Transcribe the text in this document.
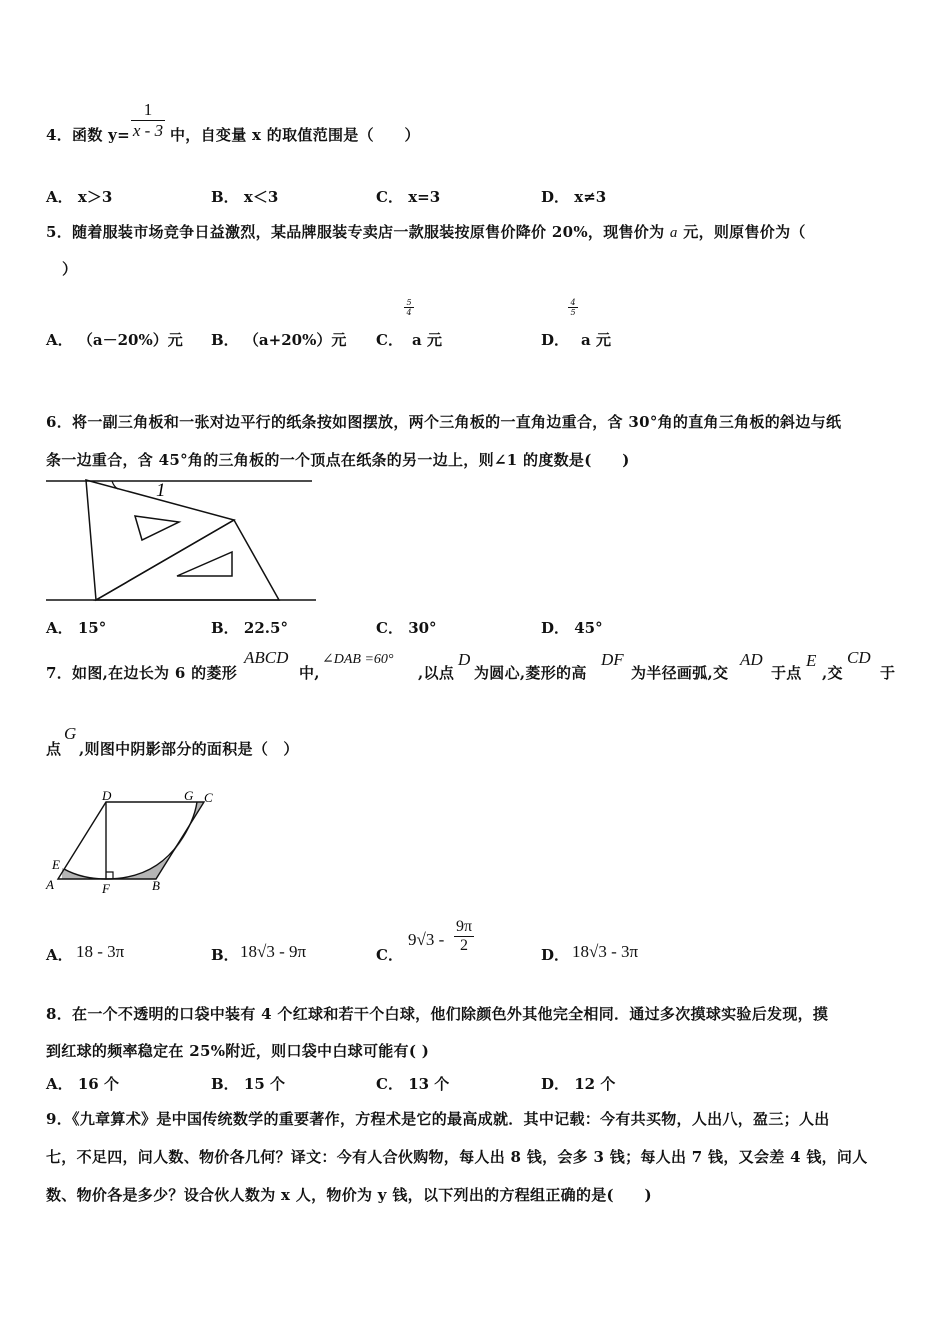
4．函数 $y= \frac{1}{x - 3}$ 中，自变量 x 的取值范围是（　　）
A． x＞3	B． x＜3	C． x=3	D． x≠3
5．随着服装市场竞争日益激烈，某品牌服装专卖店一款服装按原售价降价 20%，现售价为 a 元，则原售价为（
）
A． （a－20%）元 B． （a+20%）元 C．
$\frac{5}{4}$
a 元	D．
$\frac{4}{5}$
a 元
6．将一副三角板和一张对边平行的纸条按如图摆放，两个三角板的一直角边重合，含 30°角的直角三角板的斜边与纸
条一边重合，含 45°角的三角板的一个顶点在纸条的另一边上，则∠1 的度数是(　　)
1
A． 15°	B． 22.5°	C． 30°	D． 45°
7．如图,在边长为 6 的菱形
ABCD
中,
∠DAB =60°
,以点
D
为圆心,菱形的高
DF
为半径画弧,交
AD
于点
E
,交
CD
于
点
G
,则图中阴影部分的面积是（　）
D	G C
E
A	F	B
A． 18 - 3π	B． 18√3 - 9π	C．
$9√3 - \frac{9\pi}{2}$	D． 18√3 - 3π
8．在一个不透明的口袋中装有 4 个红球和若干个白球，他们除颜色外其他完全相同．通过多次摸球实验后发现，摸
到红球的频率稳定在 25%附近，则口袋中白球可能有( )
A． 16 个	B． 15 个	C． 13 个	D． 12 个
9．《九章算术》是中国传统数学的重要著作，方程术是它的最高成就．其中记载：今有共买物，人出八，盈三；人出
七，不足四，问人数、物价各几何？译文：今有人合伙购物，每人出 8 钱，会多 3 钱；每人出 7 钱，又会差 4 钱，问人
数、物价各是多少？设合伙人数为 x 人，物价为 y 钱，以下列出的方程组正确的是(　　)
